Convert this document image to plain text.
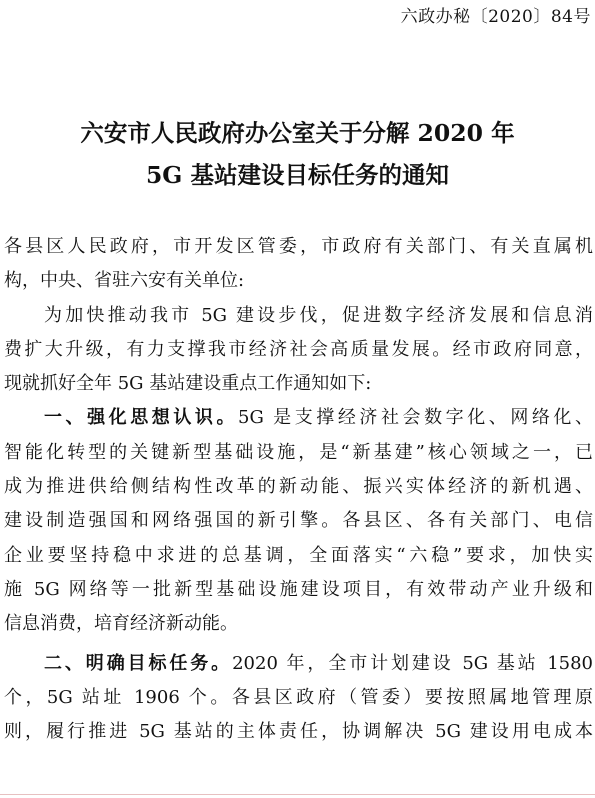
六政办秘〔2020〕84号
六安市人民政府办公室关于分解 2020 年
5G 基站建设目标任务的通知

各县区人民政府，市开发区管委，市政府有关部门、有关直属机

构，中央、省驻六安有关单位:

为加快推动我市 5G 建设步伐，促进数字经济发展和信息消

费扩大升级，有力支撑我市经济社会高质量发展。经市政府同意，

现就抓好全年 5G 基站建设重点工作通知如下:

一、强化思想认识。5G 是支撑经济社会数字化、网络化、

智能化转型的关键新型基础设施，是“新基建”核心领域之一，已

成为推进供给侧结构性改革的新动能、振兴实体经济的新机遇、

建设制造强国和网络强国的新引擎。各县区、各有关部门、电信

企业要坚持稳中求进的总基调，全面落实“六稳”要求，加快实

施 5G 网络等一批新型基础设施建设项目，有效带动产业升级和

信息消费，培育经济新动能。

二、明确目标任务。2020 年，全市计划建设 5G 基站 1580

个，5G 站址 1906 个。各县区政府（管委）要按照属地管理原

则，履行推进 5G 基站的主体责任，协调解决 5G 建设用电成本
